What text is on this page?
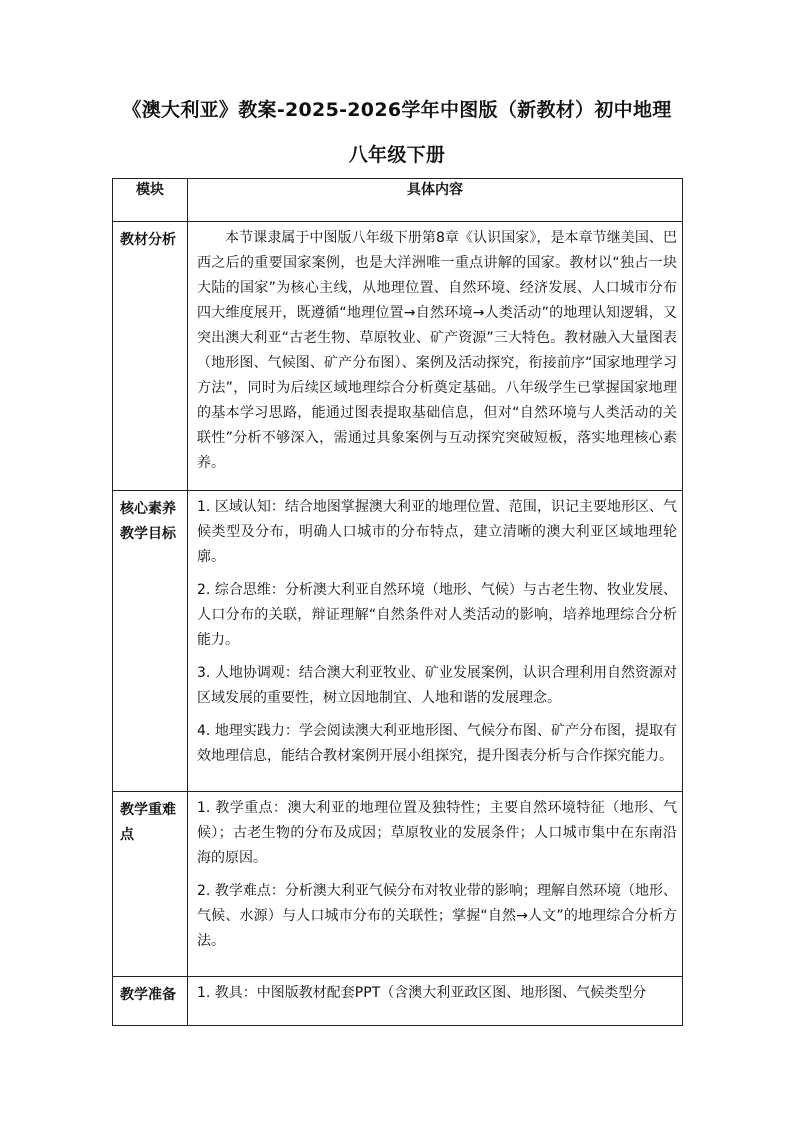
《澳大利亚》教案-2025-2026学年中图版（新教材）初中地理
八年级下册
模块	具体内容
教材分析	本节课隶属于中图版八年级下册第8章《认识国家》，是本章节继美国、巴西之后的重要国家案例，也是大洋洲唯一重点讲解的国家。教材以“独占一块大陆的国家”为核心主线，从地理位置、自然环境、经济发展、人口城市分布四大维度展开，既遵循“地理位置→自然环境→人类活动”的地理认知逻辑，又突出澳大利亚“古老生物、草原牧业、矿产资源”三大特色。教材融入大量图表（地形图、气候图、矿产分布图）、案例及活动探究，衔接前序“国家地理学习方法”，同时为后续区域地理综合分析奠定基础。八年级学生已掌握国家地理的基本学习思路，能通过图表提取基础信息，但对“自然环境与人类活动的关联性”分析不够深入，需通过具象案例与互动探究突破短板，落实地理核心素养。

核心素养教学目标	1. 区域认知：结合地图掌握澳大利亚的地理位置、范围，识记主要地形区、气候类型及分布，明确人口城市的分布特点，建立清晰的澳大利亚区域地理轮廓。

2. 综合思维：分析澳大利亚自然环境（地形、气候）与古老生物、牧业发展、人口分布的关联，辩证理解“自然条件对人类活动的影响，培养地理综合分析能力。

3. 人地协调观：结合澳大利亚牧业、矿业发展案例，认识合理利用自然资源对区域发展的重要性，树立因地制宜、人地和谐的发展理念。

4. 地理实践力：学会阅读澳大利亚地形图、气候分布图、矿产分布图，提取有效地理信息，能结合教材案例开展小组探究，提升图表分析与合作探究能力。

教学重难点	1. 教学重点：澳大利亚的地理位置及独特性；主要自然环境特征（地形、气候）；古老生物的分布及成因；草原牧业的发展条件；人口城市集中在东南沿海的原因。

2. 教学难点：分析澳大利亚气候分布对牧业带的影响；理解自然环境（地形、气候、水源）与人口城市分布的关联性；掌握“自然→人文”的地理综合分析方法。

教学准备	1. 教具：中图版教材配套PPT（含澳大利亚政区图、地形图、气候类型分
